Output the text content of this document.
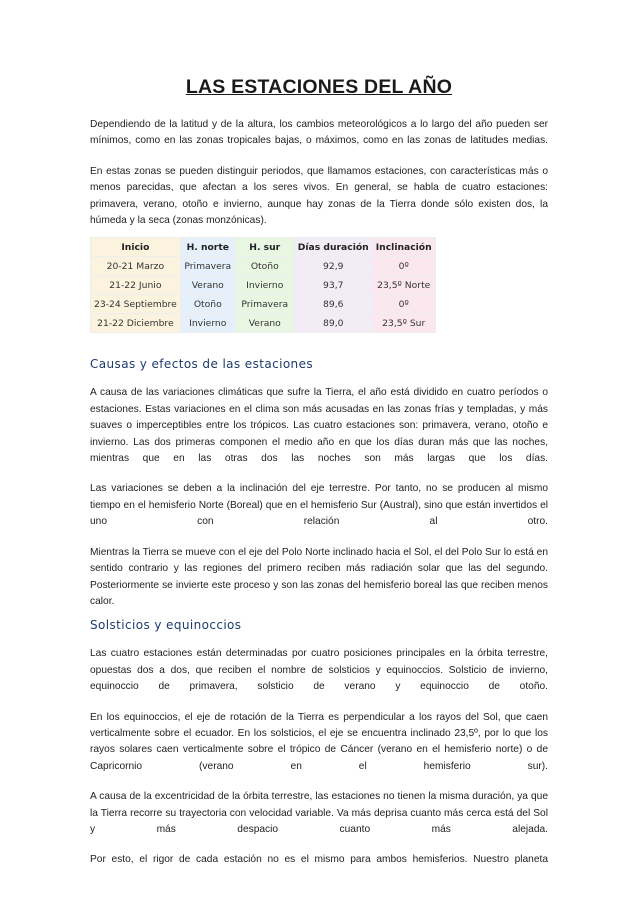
LAS ESTACIONES DEL AÑO

Dependiendo de la latitud y de la altura, los cambios meteorológicos a lo largo del año pueden ser mínimos, como en las zonas tropicales bajas, o máximos, como en las zonas de latitudes medias.

En estas zonas se pueden distinguir periodos, que llamamos estaciones, con características más o menos parecidas, que afectan a los seres vivos. En general, se habla de cuatro estaciones: primavera, verano, otoño e invierno, aunque hay zonas de la Tierra donde sólo existen dos, la húmeda y la seca (zonas monzónicas).

Inicio	H. norte	H. sur	Días duración	Inclinación
20-21 Marzo	Primavera	Otoño	92,9	0º
21-22 Junio	Verano	Invierno	93,7	23,5º Norte
23-24 Septiembre	Otoño	Primavera	89,6	0º
21-22 Diciembre	Invierno	Verano	89,0	23,5º Sur
Causas y efectos de las estaciones

A causa de las variaciones climáticas que sufre la Tierra, el año está dividido en cuatro períodos o estaciones. Estas variaciones en el clima son más acusadas en las zonas frías y templadas, y más suaves o imperceptibles entre los trópicos. Las cuatro estaciones son: primavera, verano, otoño e invierno. Las dos primeras componen el medio año en que los días duran más que las noches, mientras que en las otras dos las noches son más largas que los días.

Las variaciones se deben a la inclinación del eje terrestre. Por tanto, no se producen al mismo tiempo en el hemisferio Norte (Boreal) que en el hemisferio Sur (Austral), sino que están invertidos el uno con relación al otro.

Mientras la Tierra se mueve con el eje del Polo Norte inclinado hacia el Sol, el del Polo Sur lo está en sentido contrario y las regiones del primero reciben más radiación solar que las del segundo. Posteriormente se invierte este proceso y son las zonas del hemisferio boreal las que reciben menos calor.

Solsticios y equinoccios

Las cuatro estaciones están determinadas por cuatro posiciones principales en la órbita terrestre, opuestas dos a dos, que reciben el nombre de solsticios y equinoccios. Solsticio de invierno, equinoccio de primavera, solsticio de verano y equinoccio de otoño.

En los equinoccios, el eje de rotación de la Tierra es perpendicular a los rayos del Sol, que caen verticalmente sobre el ecuador. En los solsticios, el eje se encuentra inclinado 23,5º, por lo que los rayos solares caen verticalmente sobre el trópico de Cáncer (verano en el hemisferio norte) o de Capricornio (verano en el hemisferio sur).

A causa de la excentricidad de la órbita terrestre, las estaciones no tienen la misma duración, ya que la Tierra recorre su trayectoria con velocidad variable. Va más deprisa cuanto más cerca está del Sol y más despacio cuanto más alejada.

Por esto, el rigor de cada estación no es el mismo para ambos hemisferios. Nuestro planeta
